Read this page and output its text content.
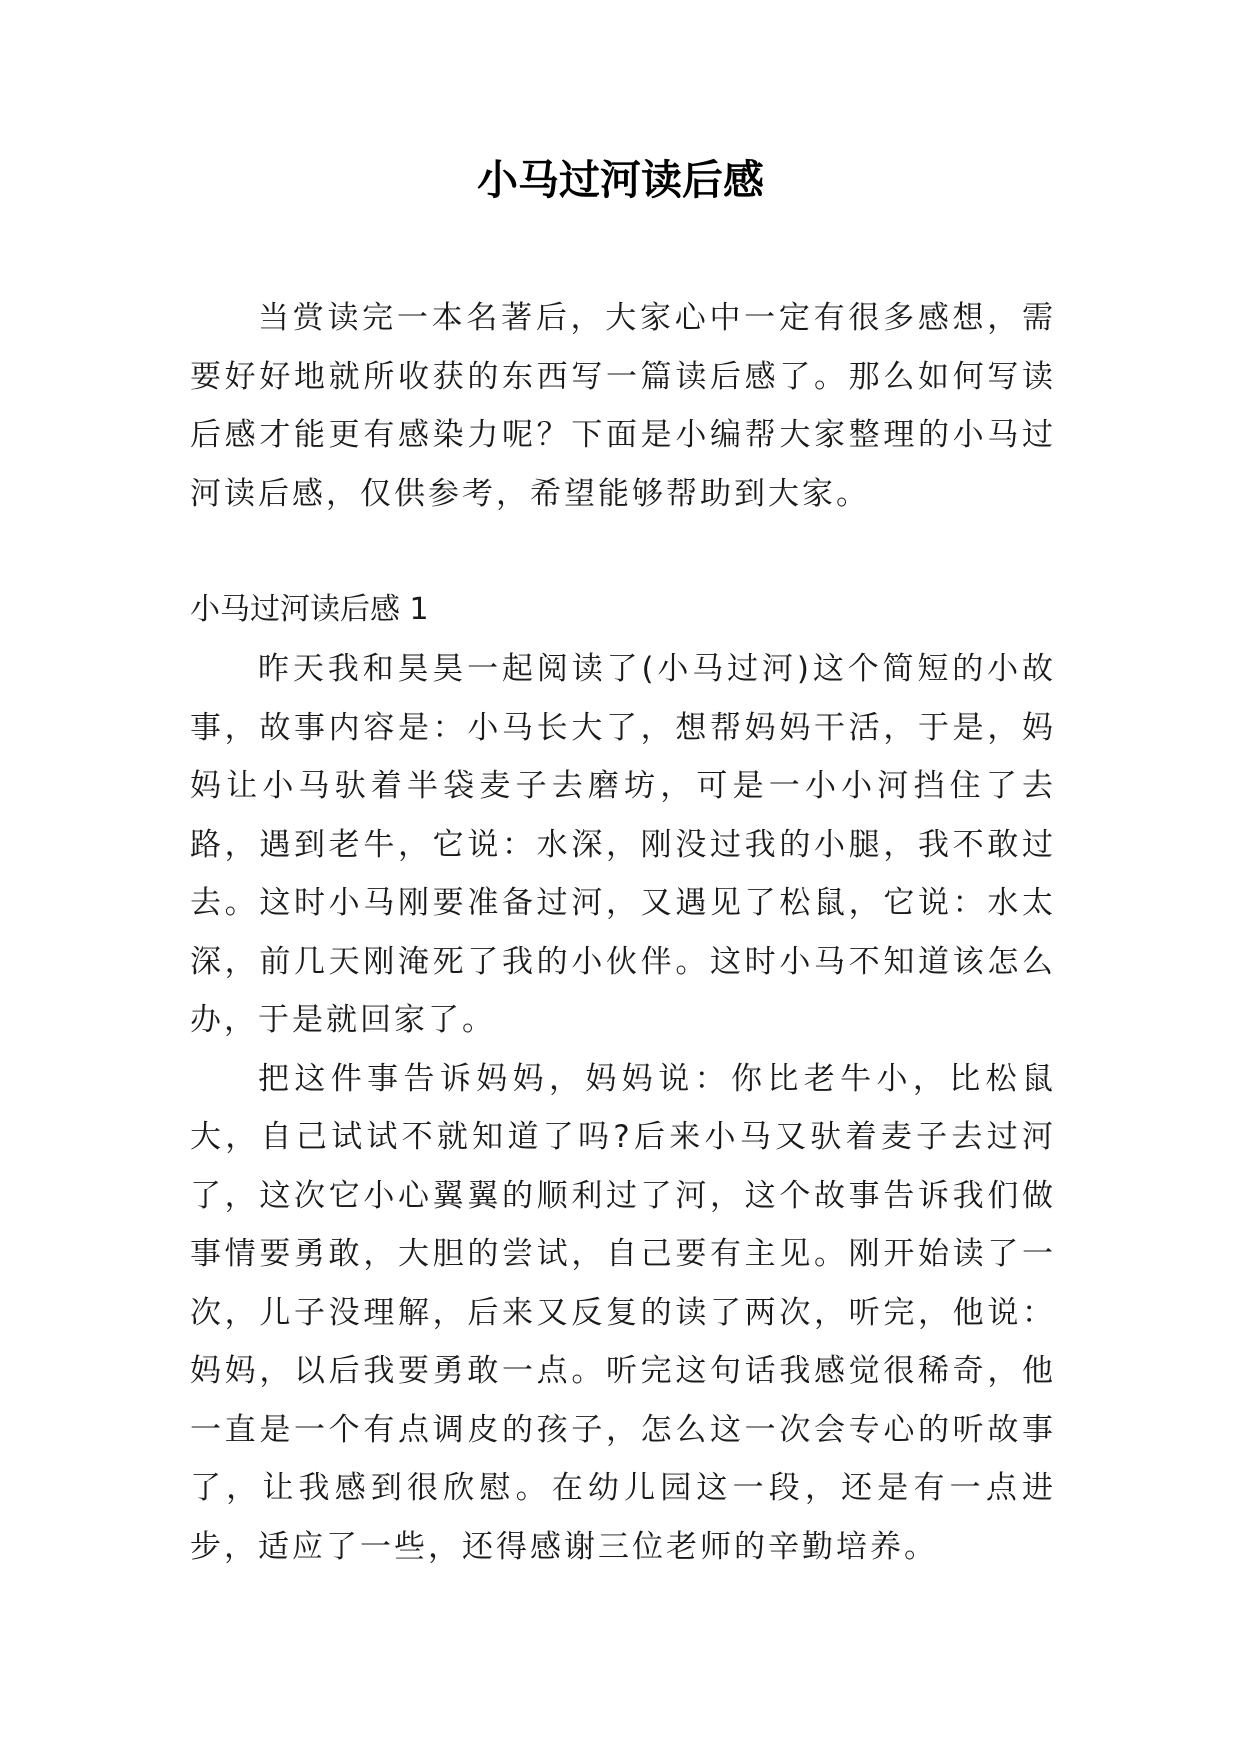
小马过河读后感

当赏读完一本名著后，大家心中一定有很多感想，需要好好地就所收获的东西写一篇读后感了。那么如何写读后感才能更有感染力呢？下面是小编帮大家整理的小马过河读后感，仅供参考，希望能够帮助到大家。

小马过河读后感 1

昨天我和昊昊一起阅读了(小马过河)这个简短的小故事，故事内容是：小马长大了，想帮妈妈干活，于是，妈妈让小马驮着半袋麦子去磨坊，可是一小小河挡住了去路，遇到老牛，它说：水深，刚没过我的小腿，我不敢过去。这时小马刚要准备过河，又遇见了松鼠，它说：水太深，前几天刚淹死了我的小伙伴。这时小马不知道该怎么办，于是就回家了。

把这件事告诉妈妈，妈妈说：你比老牛小，比松鼠大，自己试试不就知道了吗?后来小马又驮着麦子去过河了，这次它小心翼翼的顺利过了河，这个故事告诉我们做事情要勇敢，大胆的尝试，自己要有主见。刚开始读了一次，儿子没理解，后来又反复的读了两次，听完，他说：妈妈，以后我要勇敢一点。听完这句话我感觉很稀奇，他一直是一个有点调皮的孩子，怎么这一次会专心的听故事了，让我感到很欣慰。在幼儿园这一段，还是有一点进步，适应了一些，还得感谢三位老师的辛勤培养。
